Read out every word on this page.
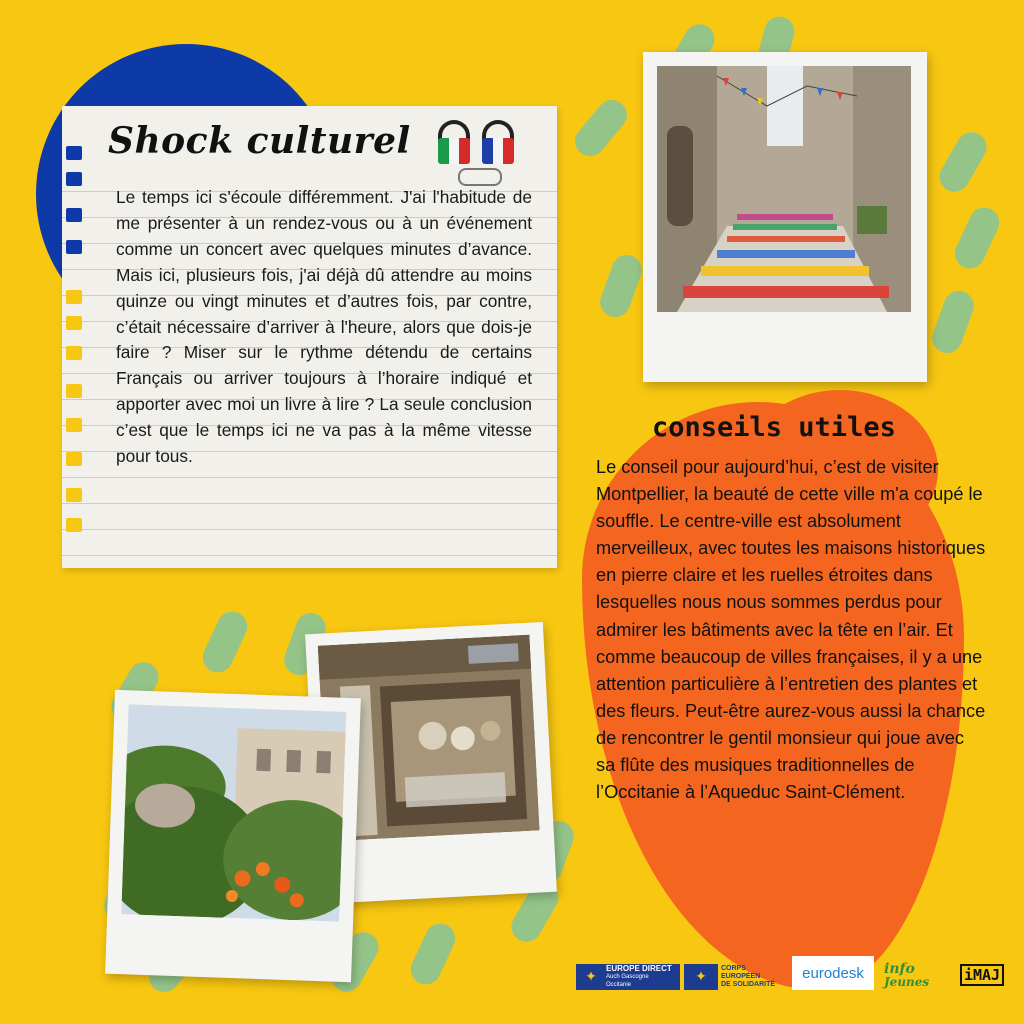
Shock culturel
Le temps ici s'écoule différemment. J'ai l'habitude de me présenter à un rendez-vous ou à un événement comme un concert avec quelques minutes d’avance. Mais ici, plusieurs fois, j'ai déjà dû attendre au moins quinze ou vingt minutes et d’autres fois, par contre, c’était nécessaire d’arriver à l'heure, alors que dois-je faire ? Miser sur le rythme détendu de certains Français ou arriver toujours à l’horaire indiqué et apporter avec moi un livre à lire ? La seule conclusion c’est que le temps ici ne va pas à la même vitesse pour tous.
conseils utiles
Le conseil pour aujourd’hui, c’est de visiter Montpellier, la beauté de cette ville m'a coupé le souffle. Le centre-ville est absolument merveilleux, avec toutes les maisons historiques en pierre claire et les ruelles étroites dans lesquelles nous nous sommes perdus pour admirer les bâtiments avec la tête en l’air. Et comme beaucoup de villes françaises, il y a une attention particulière à l’entretien des plantes et des fleurs. Peut-être aurez-vous aussi la chance de rencontrer le gentil monsieur qui joue avec sa flûte des musiques traditionnelles de l’Occitanie à l’Aqueduc Saint-Clément.
✦
EUROPE DIRECT
Auch Gascogne
Occitanie	✦
CORPS
EUROPÉEN
DE SOLIDARITÉ
eurodesk info
Jeunes iMAJ
